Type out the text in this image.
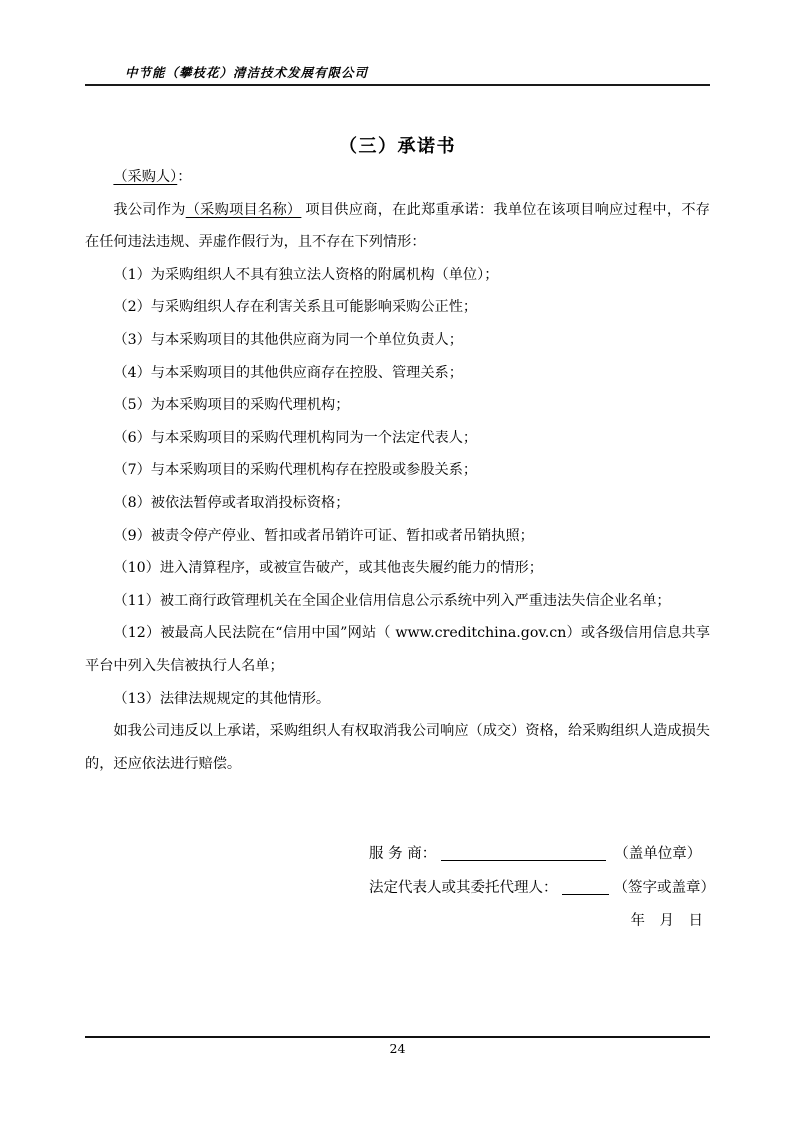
中节能（攀枝花）清洁技术发展有限公司
（三）承诺书

（采购人）：

我公司作为（采购项目名称） 项目供应商，在此郑重承诺：我单位在该项目响应过程中，不存在任何违法违规、弄虚作假行为，且不存在下列情形：

（1）为采购组织人不具有独立法人资格的附属机构（单位）；

（2）与采购组织人存在利害关系且可能影响采购公正性；

（3）与本采购项目的其他供应商为同一个单位负责人；

（4）与本采购项目的其他供应商存在控股、管理关系；

（5）为本采购项目的采购代理机构；

（6）与本采购项目的采购代理机构同为一个法定代表人；

（7）与本采购项目的采购代理机构存在控股或参股关系；

（8）被依法暂停或者取消投标资格；

（9）被责令停产停业、暂扣或者吊销许可证、暂扣或者吊销执照；

（10）进入清算程序，或被宣告破产，或其他丧失履约能力的情形；

（11）被工商行政管理机关在全国企业信用信息公示系统中列入严重违法失信企业名单；

（12）被最高人民法院在“信用中国”网站（ www.creditchina.gov.cn）或各级信用信息共享平台中列入失信被执行人名单；

（13）法律法规规定的其他情形。

如我公司违反以上承诺，采购组织人有权取消我公司响应（成交）资格，给采购组织人造成损失的，还应依法进行赔偿。

服 务 商：	（盖单位章）
法定代表人或其委托代理人：	（签字或盖章）
年　月　日
24
